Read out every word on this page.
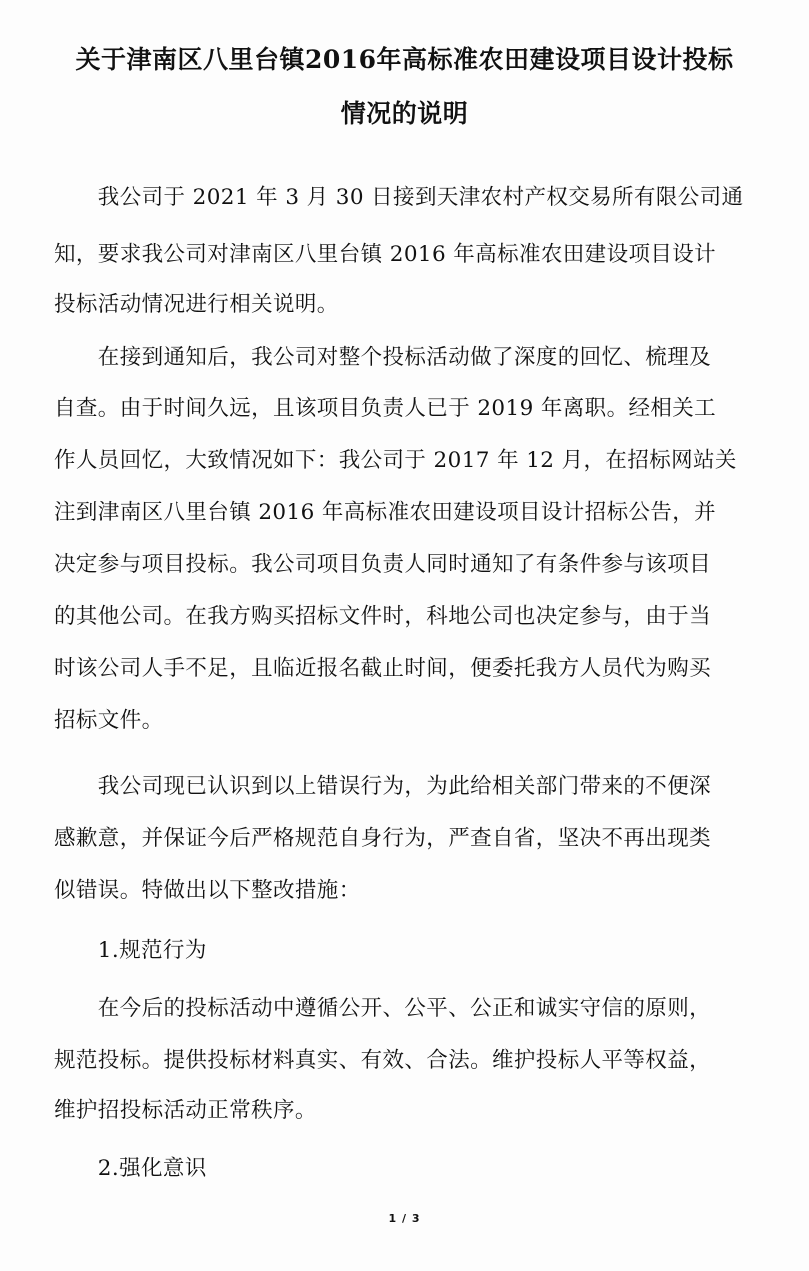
关于津南区八里台镇2016年高标准农田建设项目设计投标
情况的说明
　　我公司于 2021 年 3 月 30 日接到天津农村产权交易所有限公司通
知，要求我公司对津南区八里台镇 2016 年高标准农田建设项目设计
投标活动情况进行相关说明。
　　在接到通知后，我公司对整个投标活动做了深度的回忆、梳理及
自查。由于时间久远，且该项目负责人已于 2019 年离职。经相关工
作人员回忆，大致情况如下：我公司于 2017 年 12 月，在招标网站关
注到津南区八里台镇 2016 年高标准农田建设项目设计招标公告，并
决定参与项目投标。我公司项目负责人同时通知了有条件参与该项目
的其他公司。在我方购买招标文件时，科地公司也决定参与，由于当
时该公司人手不足，且临近报名截止时间，便委托我方人员代为购买
招标文件。
　　我公司现已认识到以上错误行为，为此给相关部门带来的不便深
感歉意，并保证今后严格规范自身行为，严查自省，坚决不再出现类
似错误。特做出以下整改措施：
　　1.规范行为
　　在今后的投标活动中遵循公开、公平、公正和诚实守信的原则，
规范投标。提供投标材料真实、有效、合法。维护投标人平等权益，
维护招投标活动正常秩序。
　　2.强化意识
1 / 3
